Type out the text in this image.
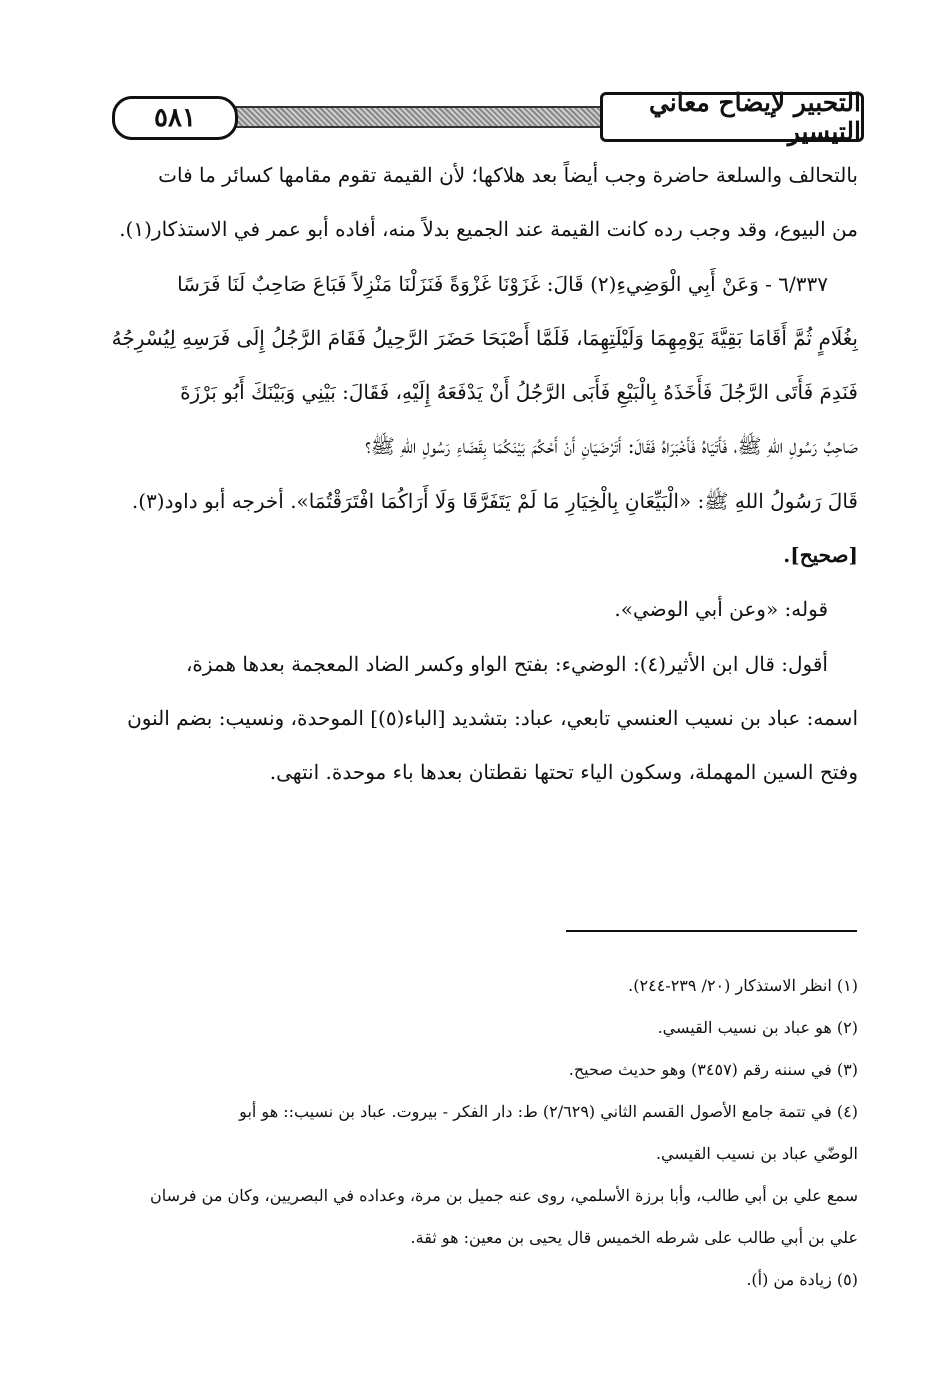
٥٨١
التحبير لإيضاح معاني التيسير
بالتحالف والسلعة حاضرة وجب أيضاً بعد هلاكها؛ لأن القيمة تقوم مقامها كسائر ما فات
من البيوع، وقد وجب رده كانت القيمة عند الجميع بدلاً منه، أفاده أبو عمر في الاستذكار(١).
٦/٣٣٧ - وَعَنْ أَبِي الْوَضِيءِ(٢) قَالَ: غَزَوْنَا غَزْوَةً فَنَزَلْنَا مَنْزِلاً فَبَاعَ صَاحِبٌ لَنَا فَرَسًا
بِغُلَامٍ ثُمَّ أَقَامَا بَقِيَّةَ يَوْمِهِمَا وَلَيْلَتِهِمَا، فَلَمَّا أَصْبَحَا حَضَرَ الرَّحِيلُ فَقَامَ الرَّجُلُ إِلَى فَرَسِهِ لِيُسْرِجُهُ
فَنَدِمَ فَأَتَى الرَّجُلَ فَأَخَذَهُ بِالْبَيْعِ فَأَبَى الرَّجُلُ أَنْ يَدْفَعَهُ إِلَيْهِ، فَقَالَ: بَيْنِي وَبَيْنَكَ أَبُو بَرْزَةَ
صَاحِبُ رَسُولِ اللهِ ﷺ، فَأَتَيَاهُ فَأَخْبَرَاهُ فَقَالَ: أَتَرْضَيَانِ أَنْ أَحْكُمَ بَيْنَكُمَا بِقَضَاءِ رَسُولِ اللهِ ﷺ؟
قَالَ رَسُولُ اللهِ ﷺ: «الْبَيِّعَانِ بِالْخِيَارِ مَا لَمْ يَتَفَرَّقَا وَلَا أَرَاكُمَا افْتَرَقْتُمَا». أخرجه أبو داود(٣).
[صحيح].
قوله: «وعن أبي الوضي».
أقول: قال ابن الأثير(٤): الوضيء: بفتح الواو وكسر الضاد المعجمة بعدها همزة،
اسمه: عباد بن نسيب العنسي تابعي، عباد: بتشديد [الباء(٥)] الموحدة، ونسيب: بضم النون
وفتح السين المهملة، وسكون الياء تحتها نقطتان بعدها باء موحدة. انتهى.
(١) انظر الاستذكار (٢٠/ ٢٣٩-٢٤٤).
(٢) هو عباد بن نسيب القيسي.
(٣) في سننه رقم (٣٤٥٧) وهو حديث صحيح.
(٤) في تتمة جامع الأصول القسم الثاني (٢/٦٢٩) ط: دار الفكر - بيروت. عباد بن نسيب:: هو أبو
الوضّي عباد بن نسيب القيسي.
سمع علي بن أبي طالب، وأبا برزة الأسلمي، روى عنه جميل بن مرة، وعداده في البصريين، وكان من فرسان
علي بن أبي طالب على شرطه الخميس قال يحيى بن معين: هو ثقة.
(٥) زيادة من (أ).
